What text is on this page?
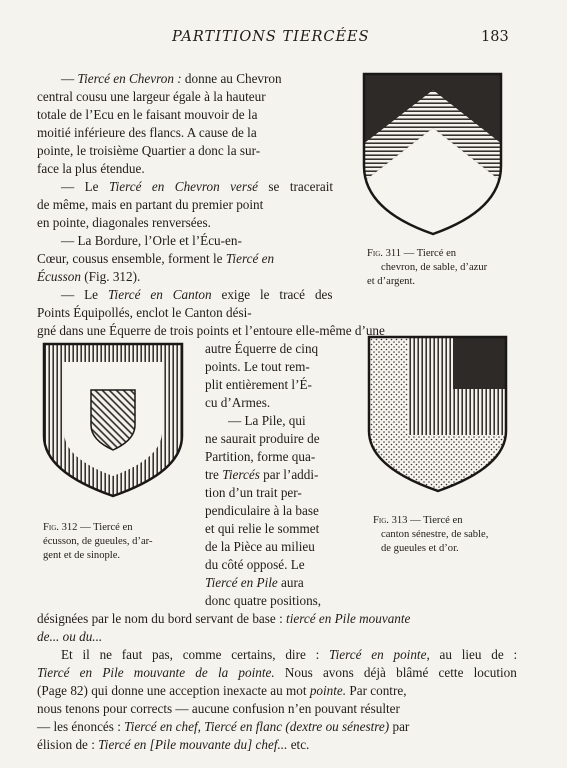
PARTITIONS TIERCÉES	183
— Tiercé en Chevron : donne au Chevron
central cousu une largeur égale à la hauteur
totale de l’Ecu en le faisant mouvoir de la
moitié inférieure des flancs. A cause de la
pointe, le troisième Quartier a donc la sur-
face la plus étendue.
— Le Tiercé en Chevron versé se tracerait
de même, mais en partant du premier point
en pointe, diagonales renversées.
— La Bordure, l’Orle et l’Écu-en-
Cœur, cousus ensemble, forment le Tiercé en
Écusson (Fig. 312).
— Le Tiercé en Canton exige le tracé des
Points Équipollés, enclot le Canton dési-
gné dans une Équerre de trois points et l’entoure elle-même d’une
autre Équerre de cinq
points. Le tout rem-
plit entièrement l’É-
cu d’Armes.
— La Pile, qui
ne saurait produire de
Partition, forme qua-
tre Tiercés par l’addi-
tion d’un trait per-
pendiculaire à la base
et qui relie le sommet
de la Pièce au milieu
du côté opposé. Le
Tiercé en Pile aura
donc quatre positions,
désignées par le nom du bord servant de base : tiercé en Pile mouvante
de... ou du...
Et il ne faut pas, comme certains, dire : Tiercé en pointe, au lieu de :
Tiercé en Pile mouvante de la pointe. Nous avons déjà blâmé cette locution
(Page 82) qui donne une acception inexacte au mot pointe. Par contre,
nous tenons pour corrects — aucune confusion n’en pouvant résulter
— les énoncés : Tiercé en chef, Tiercé en flanc (dextre ou sénestre) par
élision de : Tiercé en [Pile mouvante du] chef... etc.
Fig. 311 — Tiercé en
chevron, de sable, d’azur
et d’argent.
Fig. 312 — Tiercé en
écusson, de gueules, d’ar-
gent et de sinople.
Fig. 313 — Tiercé en
canton sénestre, de sable,
de gueules et d’or.
